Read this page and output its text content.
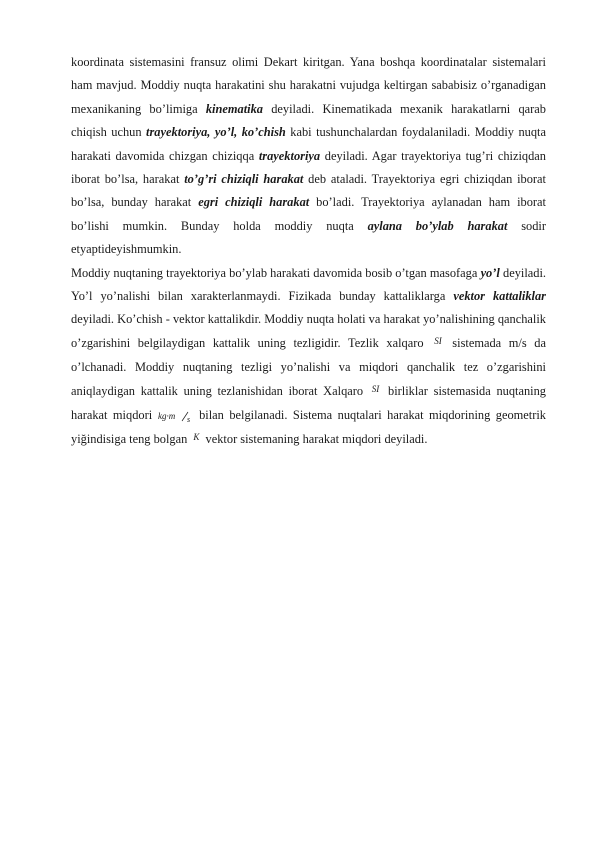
koordinata sistemasini fransuz olimi Dekart kiritgan. Yana boshqa koordinatalar sistemalari ham mavjud. Moddiy nuqta harakatini shu harakatni vujudga keltirgan sababisiz o’rganadigan mexanikaning bo’limiga kinematika deyiladi. Kinematikada mexanik harakatlarni qarab chiqish uchun trayektoriya, yo’l, ko’chish kabi tushunchalardan foydalaniladi. Moddiy nuqta harakati davomida chizgan chiziqqa trayektoriya deyiladi. Agar trayektoriya tug’ri chiziqdan iborat bo’lsa, harakat to’g’ri chiziqli harakat deb ataladi. Trayektoriya egri chiziqdan iborat bo’lsa, bunday harakat egri chiziqli harakat bo’ladi. Trayektoriya aylanadan ham iborat bo’lishi mumkin. Bunday holda moddiy nuqta aylana bo’ylab harakat sodir etyaptideyishmumkin.

Moddiy nuqtaning trayektoriya bo’ylab harakati davomida bosib o’tgan masofaga yo’l deyiladi. Yo’l yo’nalishi bilan xarakterlanmaydi. Fizikada bunday kattaliklarga vektor kattaliklar deyiladi. Ko’chish - vektor kattalikdir. Moddiy nuqta holati va harakat yo’nalishining qanchalik o’zgarishini belgilaydigan kattalik uning tezligidir. Tezlik xalqaro $^{SI}$ sistemada m/s da o’lchanadi. Moddiy nuqtaning tezligi yo’nalishi va miqdori qanchalik tez o’zgarishini aniqlaydigan kattalik uning tezlanishidan iborat Xalqaro $^{SI}$ birliklar sistemasida nuqtaning harakat miqdori kg·m s bilan belgilanadi. Sistema nuqtalari harakat miqdorining geometrik yiğindisiga teng bolgan $^K$ vektor sistemaning harakat miqdori deyiladi.
